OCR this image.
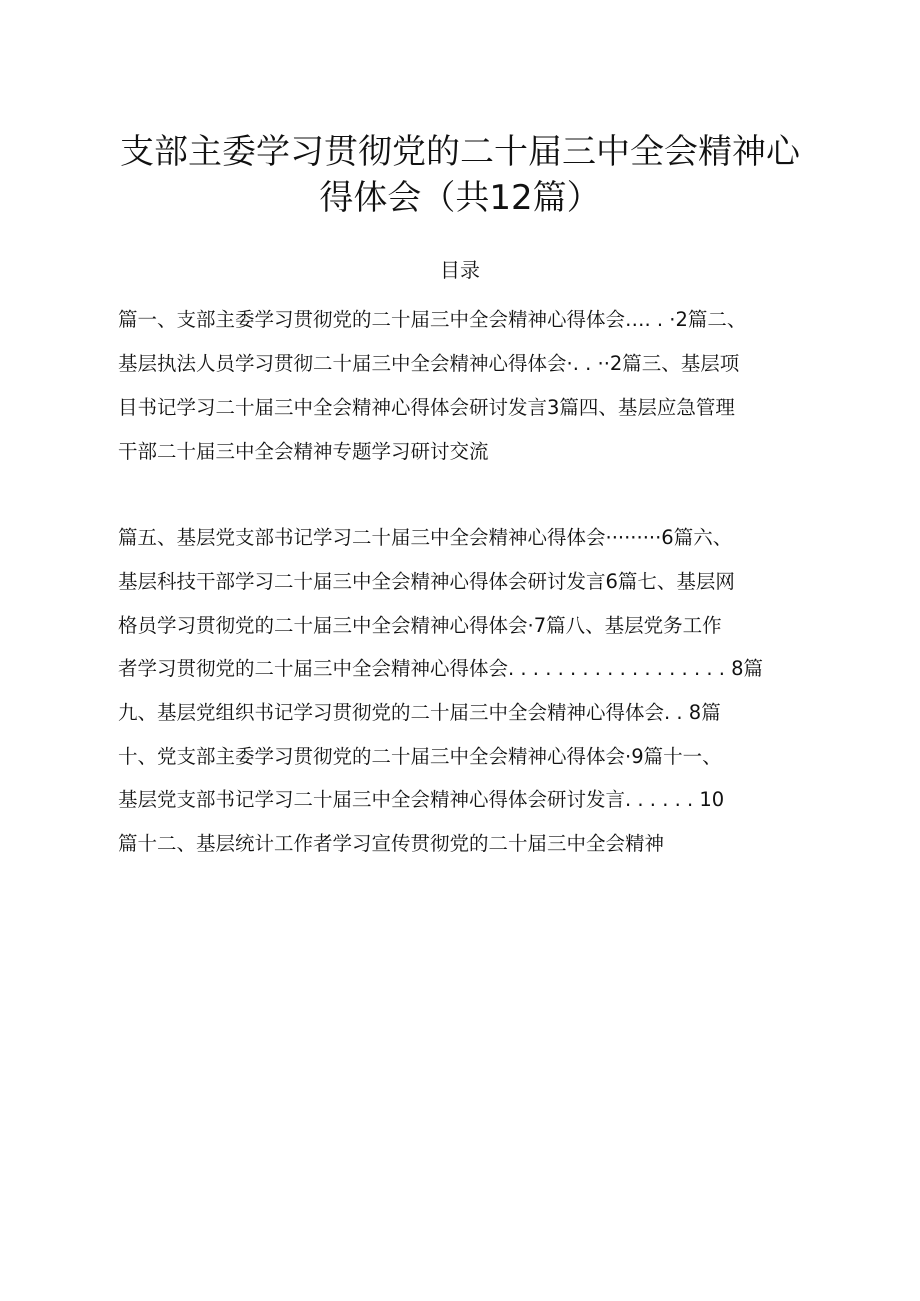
支部主委学习贯彻党的二十届三中全会精神心
得体会（共12篇）
目录
篇一、支部主委学习贯彻党的二十届三中全会精神心得体会…. . ·2篇二、
基层执法人员学习贯彻二十届三中全会精神心得体会·. . ··2篇三、基层项
目书记学习二十届三中全会精神心得体会研讨发言3篇四、基层应急管理
干部二十届三中全会精神专题学习研讨交流
篇五、基层党支部书记学习二十届三中全会精神心得体会·········6篇六、
基层科技干部学习二十届三中全会精神心得体会研讨发言6篇七、基层网
格员学习贯彻党的二十届三中全会精神心得体会·7篇八、基层党务工作
者学习贯彻党的二十届三中全会精神心得体会. . . . . . . . . . . . . . . . . . 8篇
九、基层党组织书记学习贯彻党的二十届三中全会精神心得体会. . 8篇
十、党支部主委学习贯彻党的二十届三中全会精神心得体会·9篇十一、
基层党支部书记学习二十届三中全会精神心得体会研讨发言. . . . . . 10
篇十二、基层统计工作者学习宣传贯彻党的二十届三中全会精神
